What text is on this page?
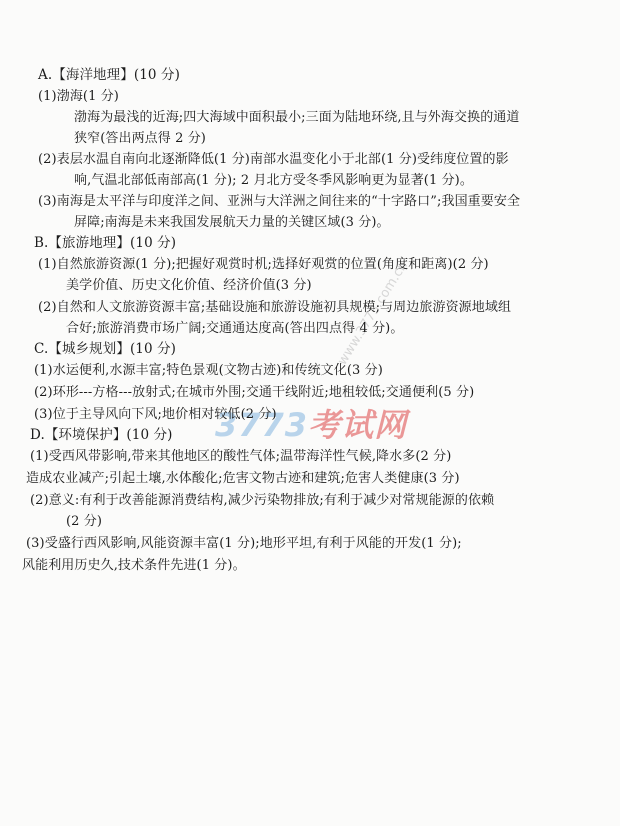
www.3773.com.cn
3773考试网
A.【海洋地理】(10 分)
(1)渤海(1 分)
渤海为最浅的近海;四大海域中面积最小;三面为陆地环绕,且与外海交换的通道
狭窄(答出两点得 2 分)
(2)表层水温自南向北逐渐降低(1 分)南部水温变化小于北部(1 分)受纬度位置的影
响,气温北部低南部高(1 分); 2 月北方受冬季风影响更为显著(1 分)。
(3)南海是太平洋与印度洋之间、亚洲与大洋洲之间往来的“十字路口”;我国重要安全
屏障;南海是未来我国发展航天力量的关键区域(3 分)。
B.【旅游地理】(10 分)
(1)自然旅游资源(1 分);把握好观赏时机;选择好观赏的位置(角度和距离)(2 分)
美学价值、历史文化价值、经济价值(3 分)
(2)自然和人文旅游资源丰富;基础设施和旅游设施初具规模;与周边旅游资源地域组
合好;旅游消费市场广阔;交通通达度高(答出四点得 4 分)。
C.【城乡规划】(10 分)
(1)水运便利,水源丰富;特色景观(文物古迹)和传统文化(3 分)
(2)环形---方格---放射式;在城市外围;交通干线附近;地租较低;交通便利(5 分)
(3)位于主导风向下风;地价相对较低(2 分)
D.【环境保护】(10 分)
(1)受西风带影响,带来其他地区的酸性气体;温带海洋性气候,降水多(2 分)
造成农业减产;引起土壤,水体酸化;危害文物古迹和建筑;危害人类健康(3 分)
(2)意义:有利于改善能源消费结构,减少污染物排放;有利于减少对常规能源的依赖
(2 分)
(3)受盛行西风影响,风能资源丰富(1 分);地形平坦,有利于风能的开发(1 分);
风能利用历史久,技术条件先进(1 分)。
